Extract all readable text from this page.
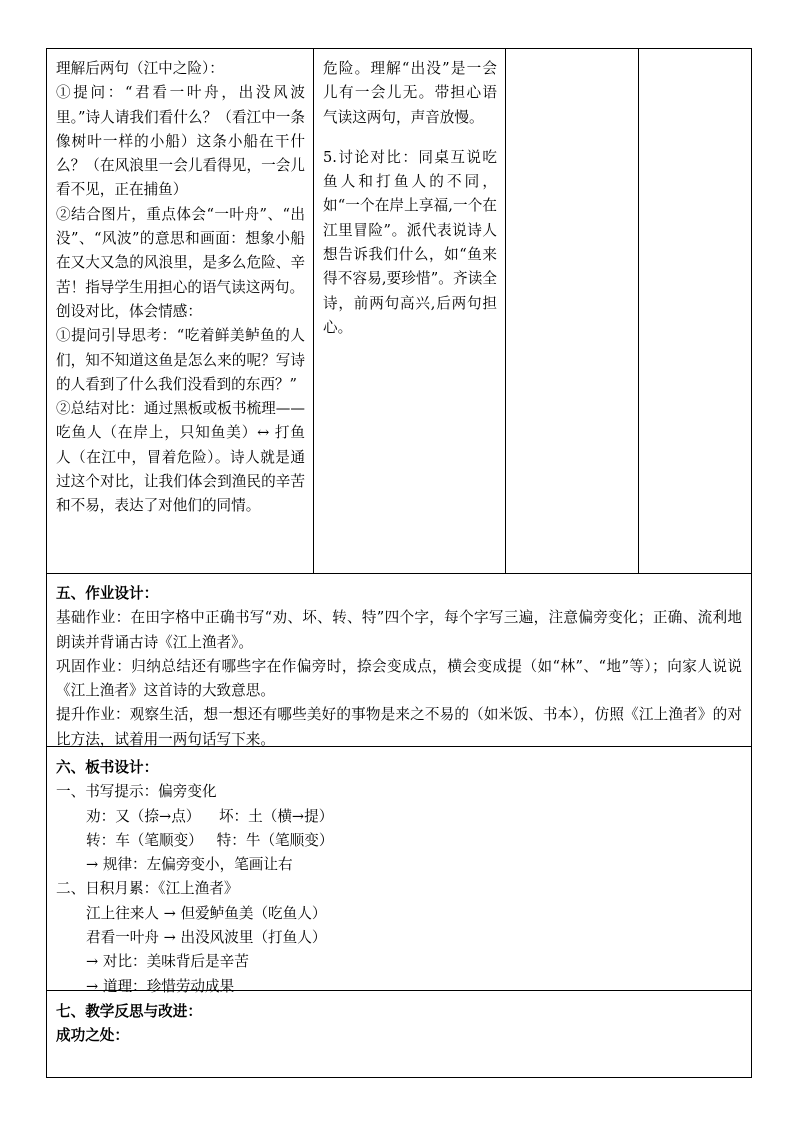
理解后两句（江中之险）：

①提问：“君看一叶舟，出没风波里。”诗人请我们看什么？（看江中一条像树叶一样的小船）这条小船在干什么？（在风浪里一会儿看得见，一会儿看不见，正在捕鱼）

②结合图片，重点体会“一叶舟”、“出没”、“风波”的意思和画面：想象小船在又大又急的风浪里，是多么危险、辛苦！指导学生用担心的语气读这两句。

创设对比，体会情感：

①提问引导思考：“吃着鲜美鲈鱼的人们，知不知道这鱼是怎么来的呢？写诗的人看到了什么我们没看到的东西？”

②总结对比：通过黑板或板书梳理——吃鱼人（在岸上，只知鱼美）↔ 打鱼人（在江中，冒着危险）。诗人就是通过这个对比，让我们体会到渔民的辛苦和不易，表达了对他们的同情。

危险。理解“出没”是一会儿有一会儿无。带担心语气读这两句，声音放慢。

5.讨论对比：同桌互说吃鱼人和打鱼人的不同，如“一个在岸上享福,一个在江里冒险”。派代表说诗人想告诉我们什么，如“鱼来得不容易,要珍惜”。齐读全诗，前两句高兴,后两句担心。

五、作业设计：

基础作业：在田字格中正确书写“劝、坏、转、特”四个字，每个字写三遍，注意偏旁变化；正确、流利地朗读并背诵古诗《江上渔者》。

巩固作业：归纳总结还有哪些字在作偏旁时，捺会变成点，横会变成提（如“林”、“地”等）；向家人说说《江上渔者》这首诗的大致意思。

提升作业：观察生活，想一想还有哪些美好的事物是来之不易的（如米饭、书本），仿照《江上渔者》的对比方法，试着用一两句话写下来。

六、板书设计：

一、书写提示：偏旁变化

劝：又（捺→点）    坏：土（横→提）

转：车（笔顺变）   特：牛（笔顺变）

→ 规律：左偏旁变小，笔画让右

二、日积月累：《江上渔者》

江上往来人 → 但爱鲈鱼美（吃鱼人）

君看一叶舟 → 出没风波里（打鱼人）

→ 对比：美味背后是辛苦

→ 道理：珍惜劳动成果

七、教学反思与改进：

成功之处：
